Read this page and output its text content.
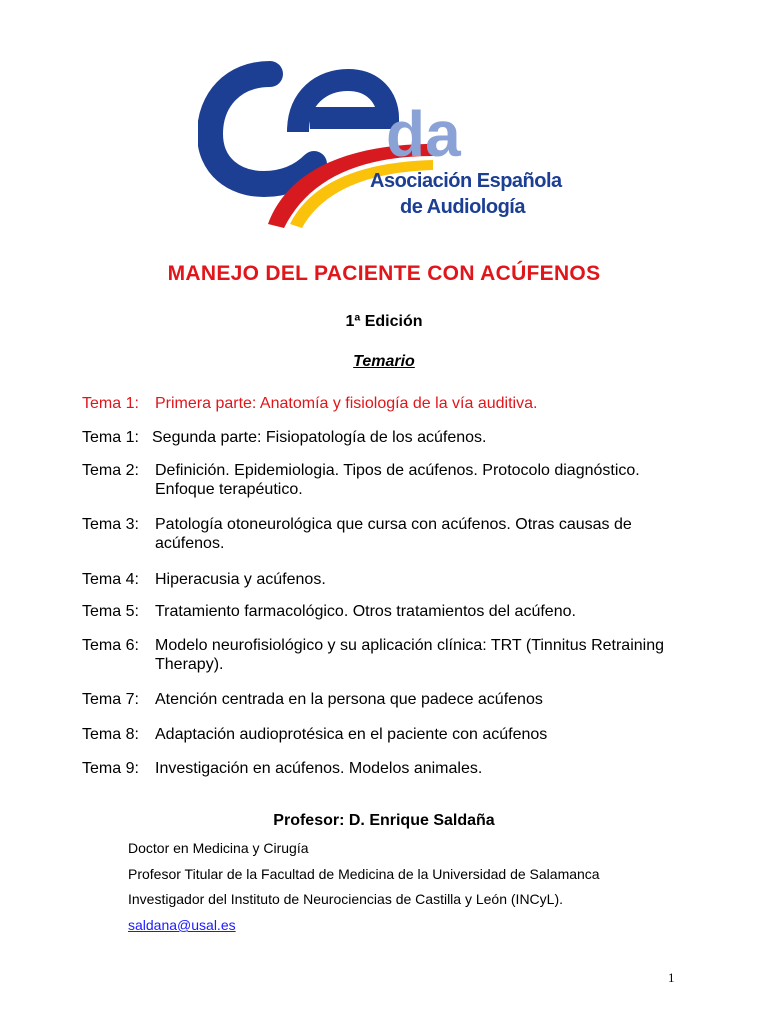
da
Asociación Española
de Audiología
MANEJO DEL PACIENTE CON ACÚFENOS
1ª Edición
Temario
Tema 1:	Primera parte: Anatomía y fisiología de la vía auditiva.
Tema 1: Segunda parte: Fisiopatología de los acúfenos.
Tema 2:	Definición. Epidemiologia. Tipos de acúfenos. Protocolo diagnóstico. Enfoque terapéutico.
Tema 3:	Patología otoneurológica que cursa con acúfenos. Otras causas de acúfenos.
Tema 4:	Hiperacusia y acúfenos.
Tema 5:	Tratamiento farmacológico. Otros tratamientos del acúfeno.
Tema 6:	Modelo neurofisiológico y su aplicación clínica: TRT (Tinnitus Retraining Therapy).
Tema 7:	Atención centrada en la persona que padece acúfenos
Tema 8:	Adaptación audioprotésica en el paciente con acúfenos
Tema 9:	Investigación en acúfenos. Modelos animales.
Profesor: D. Enrique Saldaña
Doctor en Medicina y Cirugía
Profesor Titular de la Facultad de Medicina de la Universidad de Salamanca
Investigador del Instituto de Neurociencias de Castilla y León (INCyL).
saldana@usal.es
1
